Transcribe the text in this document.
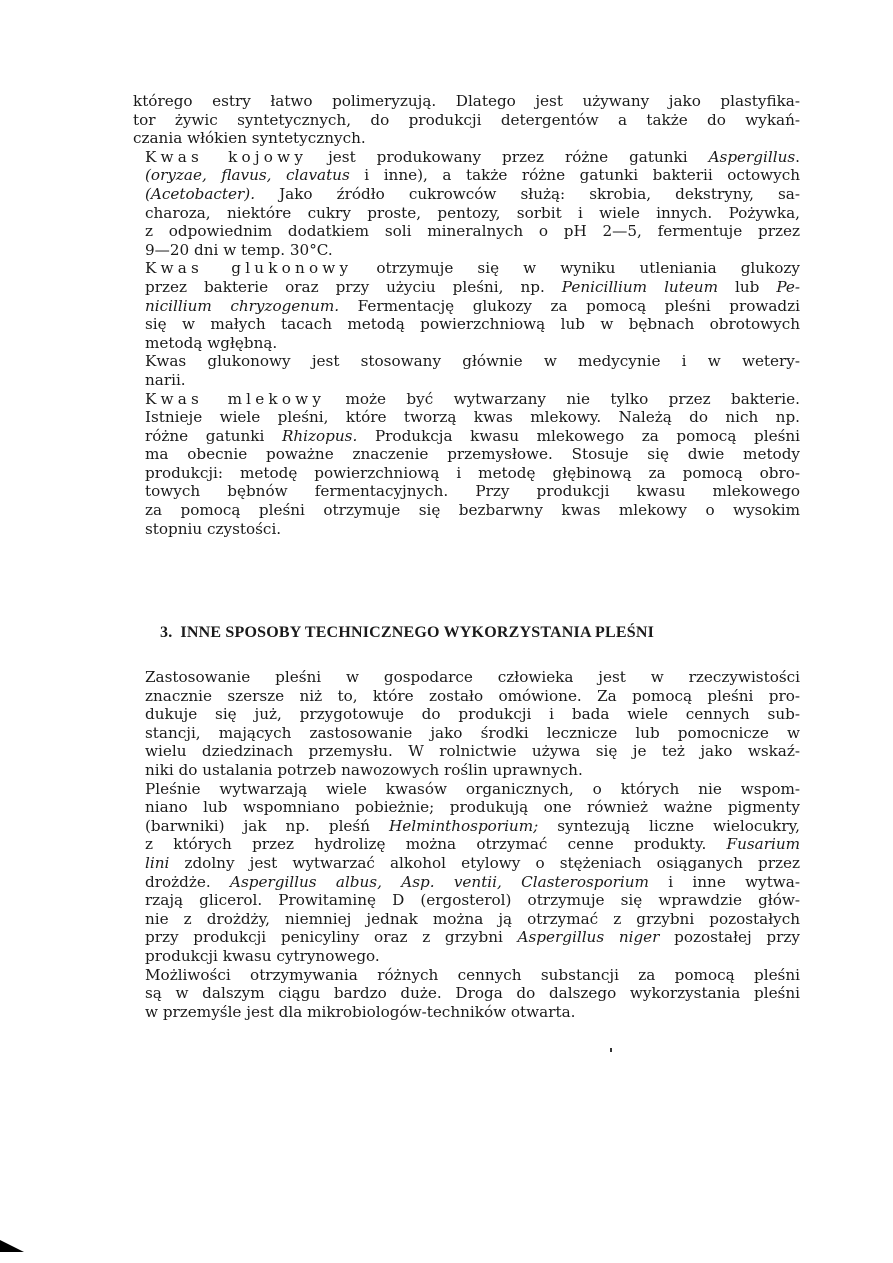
którego estry łatwo polimeryzują. Dlatego jest używany jako plastyfika-
tor żywic syntetycznych, do produkcji detergentów a także do wykań-
czania włókien syntetycznych.

Kwas kojowy jest produkowany przez różne gatunki Aspergillus.
(oryzae, flavus, clavatus i inne), a także różne gatunki bakterii octowych
(Acetobacter). Jako źródło cukrowców służą: skrobia, dekstryny, sa-
charoza, niektóre cukry proste, pentozy, sorbit i wiele innych. Pożywka,
z odpowiednim dodatkiem soli mineralnych o pH 2—5, fermentuje przez
9—20 dni w temp. 30°C.

Kwas glukonowy otrzymuje się w wyniku utleniania glukozy
przez bakterie oraz przy użyciu pleśni, np. Penicillium luteum lub Pe-
nicillium chryzogenum. Fermentację glukozy za pomocą pleśni prowadzi
się w małych tacach metodą powierzchniową lub w bębnach obrotowych
metodą wgłębną.

Kwas glukonowy jest stosowany głównie w medycynie i w wetery-
narii.

Kwas mlekowy może być wytwarzany nie tylko przez bakterie.
Istnieje wiele pleśni, które tworzą kwas mlekowy. Należą do nich np.
różne gatunki Rhizopus. Produkcja kwasu mlekowego za pomocą pleśni
ma obecnie poważne znaczenie przemysłowe. Stosuje się dwie metody
produkcji: metodę powierzchniową i metodę głębinową za pomocą obro-
towych bębnów fermentacyjnych. Przy produkcji kwasu mlekowego
za pomocą pleśni otrzymuje się bezbarwny kwas mlekowy o wysokim
stopniu czystości.

3. INNE SPOSOBY TECHNICZNEGO WYKORZYSTANIA PLEŚNI

Zastosowanie pleśni w gospodarce człowieka jest w rzeczywistości
znacznie szersze niż to, które zostało omówione. Za pomocą pleśni pro-
dukuje się już, przygotowuje do produkcji i bada wiele cennych sub-
stancji, mających zastosowanie jako środki lecznicze lub pomocnicze w
wielu dziedzinach przemysłu. W rolnictwie używa się je też jako wskaź-
niki do ustalania potrzeb nawozowych roślin uprawnych.

Pleśnie wytwarzają wiele kwasów organicznych, o których nie wspom-
niano lub wspomniano pobieżnie; produkują one również ważne pigmenty
(barwniki) jak np. pleśń Helminthosporium; syntezują liczne wielocukry,
z których przez hydrolizę można otrzymać cenne produkty. Fusarium
lini zdolny jest wytwarzać alkohol etylowy o stężeniach osiąganych przez
drożdże. Aspergillus albus, Asp. ventii, Clasterosporium i inne wytwa-
rzają glicerol. Prowitaminę D (ergosterol) otrzymuje się wprawdzie głów-
nie z drożdży, niemniej jednak można ją otrzymać z grzybni pozostałych
przy produkcji penicyliny oraz z grzybni Aspergillus niger pozostałej przy
produkcji kwasu cytrynowego.

Możliwości otrzymywania różnych cennych substancji za pomocą pleśni
są w dalszym ciągu bardzo duże. Droga do dalszego wykorzystania pleśni
w przemyśle jest dla mikrobiologów-techników otwarta.
